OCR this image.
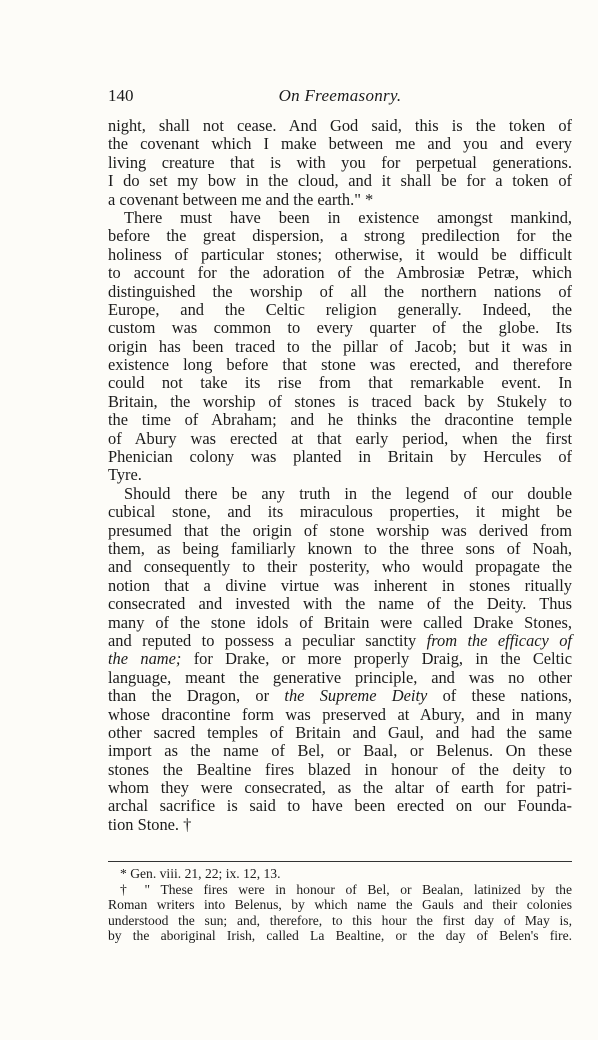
140	On Freemasonry.
night, shall not cease. And God said, this is the token of
the covenant which I make between me and you and every
living creature that is with you for perpetual generations.
I do set my bow in the cloud, and it shall be for a token of
a covenant between me and the earth." *
There must have been in existence amongst mankind,
before the great dispersion, a strong predilection for the
holiness of particular stones; otherwise, it would be difficult
to account for the adoration of the Ambrosiæ Petræ, which
distinguished the worship of all the northern nations of
Europe, and the Celtic religion generally. Indeed, the
custom was common to every quarter of the globe. Its
origin has been traced to the pillar of Jacob; but it was in
existence long before that stone was erected, and therefore
could not take its rise from that remarkable event. In
Britain, the worship of stones is traced back by Stukely to
the time of Abraham; and he thinks the dracontine temple
of Abury was erected at that early period, when the first
Phenician colony was planted in Britain by Hercules of
Tyre.
Should there be any truth in the legend of our double
cubical stone, and its miraculous properties, it might be
presumed that the origin of stone worship was derived from
them, as being familiarly known to the three sons of Noah,
and consequently to their posterity, who would propagate the
notion that a divine virtue was inherent in stones ritually
consecrated and invested with the name of the Deity. Thus
many of the stone idols of Britain were called Drake Stones,
and reputed to possess a peculiar sanctity from the efficacy of
the name; for Drake, or more properly Draig, in the Celtic
language, meant the generative principle, and was no other
than the Dragon, or the Supreme Deity of these nations,
whose dracontine form was preserved at Abury, and in many
other sacred temples of Britain and Gaul, and had the same
import as the name of Bel, or Baal, or Belenus. On these
stones the Bealtine fires blazed in honour of the deity to
whom they were consecrated, as the altar of earth for patri-
archal sacrifice is said to have been erected on our Founda-
tion Stone. †
* Gen. viii. 21, 22; ix. 12, 13.
† " These fires were in honour of Bel, or Bealan, latinized by the
Roman writers into Belenus, by which name the Gauls and their colonies
understood the sun; and, therefore, to this hour the first day of May is,
by the aboriginal Irish, called La Bealtine, or the day of Belen's fire.
